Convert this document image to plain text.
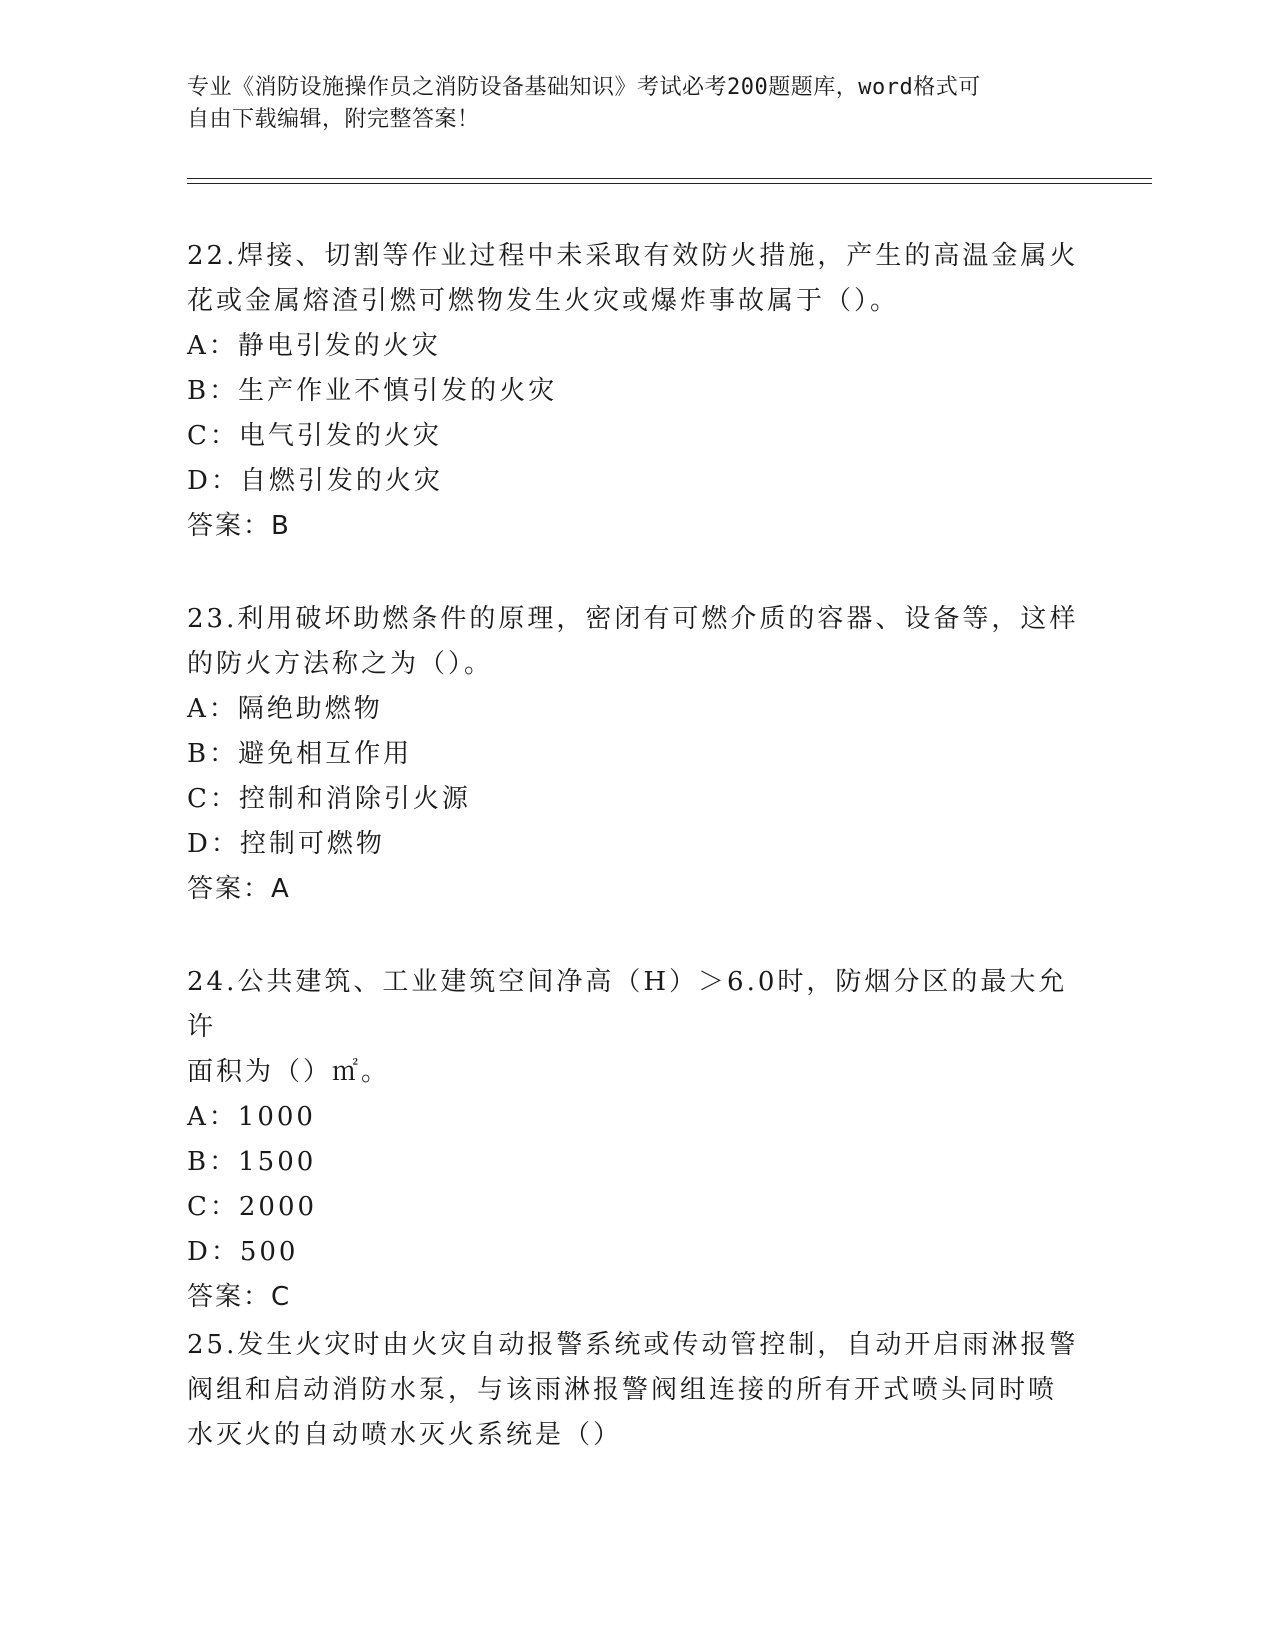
专业《消防设施操作员之消防设备基础知识》考试必考200题题库，word格式可
自由下载编辑，附完整答案！

22.焊接、切割等作业过程中未采取有效防火措施，产生的高温金属火

花或金属熔渣引燃可燃物发生火灾或爆炸事故属于（）。

A：静电引发的火灾

B：生产作业不慎引发的火灾

C：电气引发的火灾

D：自燃引发的火灾

答案：B

23.利用破坏助燃条件的原理，密闭有可燃介质的容器、设备等，这样

的防火方法称之为（）。

A：隔绝助燃物

B：避免相互作用

C：控制和消除引火源

D：控制可燃物

答案：A

24.公共建筑、工业建筑空间净高（H）＞6.0时，防烟分区的最大允许

面积为（）㎡。

A：1000

B：1500

C：2000

D：500

答案：C

25.发生火灾时由火灾自动报警系统或传动管控制，自动开启雨淋报警

阀组和启动消防水泵，与该雨淋报警阀组连接的所有开式喷头同时喷

水灭火的自动喷水灭火系统是（）
